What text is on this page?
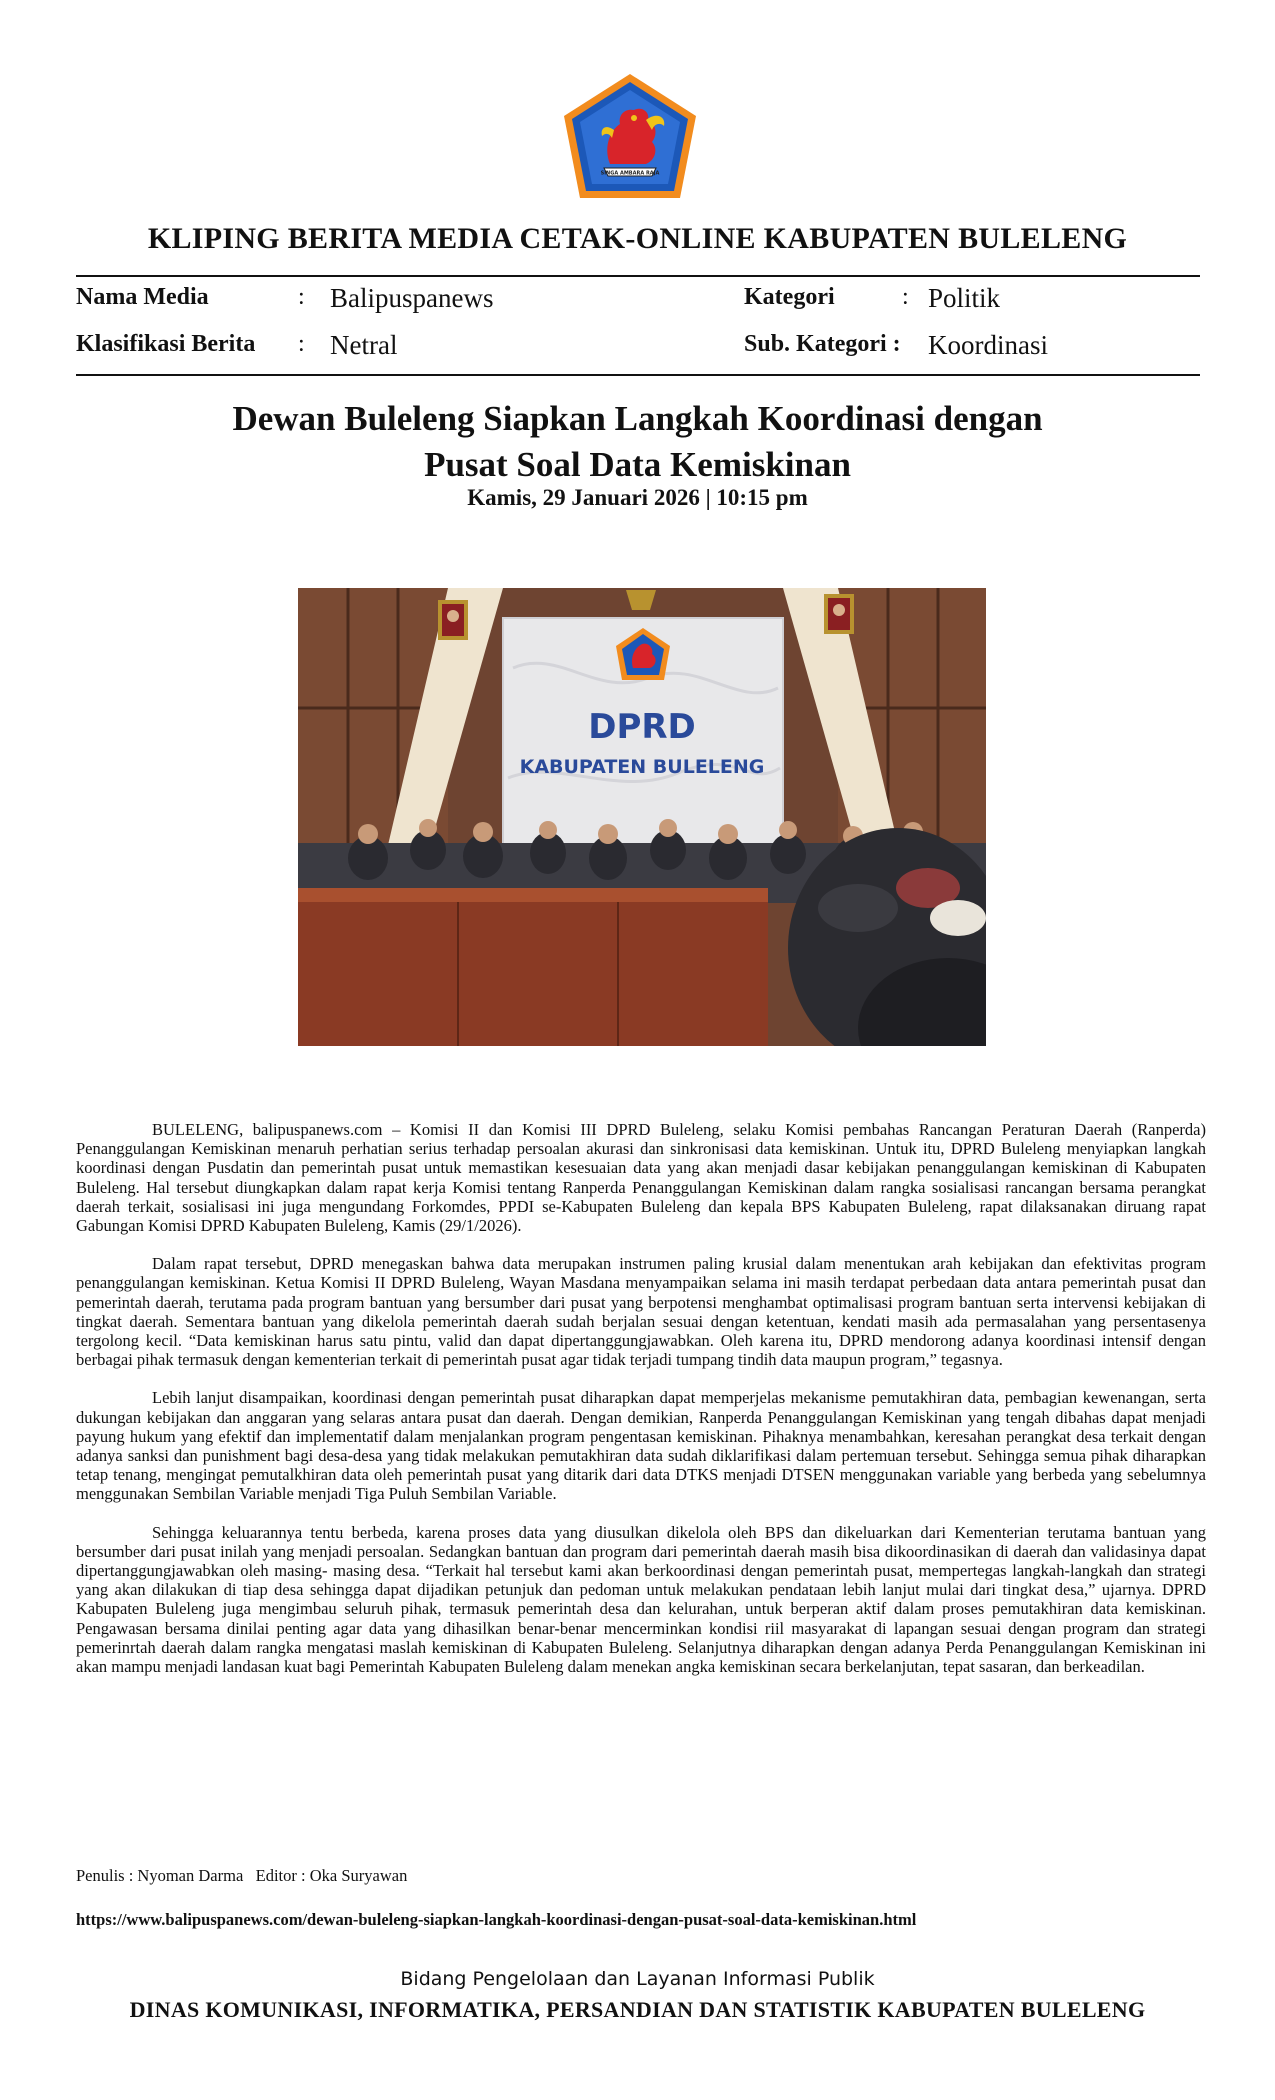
SINGA AMBARA RAJA
KLIPING BERITA MEDIA CETAK-ONLINE KABUPATEN BULELENG
Nama Media	: Balipuspanews	Kategori	: Politik
Klasifikasi Berita : Netral	Sub. Kategori : Koordinasi
Dewan Buleleng Siapkan Langkah Koordinasi dengan
Pusat Soal Data Kemiskinan
Kamis, 29 Januari 2026 | 10:15 pm
DPRD
KABUPATEN BULELENG

BULELENG, balipuspanews.com – Komisi II dan Komisi III DPRD Buleleng, selaku Komisi pembahas Rancangan Peraturan Daerah (Ranperda) Penanggulangan Kemiskinan menaruh perhatian serius terhadap persoalan akurasi dan sinkronisasi data kemiskinan. Untuk itu, DPRD Buleleng menyiapkan langkah koordinasi dengan Pusdatin dan pemerintah pusat untuk memastikan kesesuaian data yang akan menjadi dasar kebijakan penanggulangan kemiskinan di Kabupaten Buleleng. Hal tersebut diungkapkan dalam rapat kerja Komisi tentang Ranperda Penanggulangan Kemiskinan dalam rangka sosialisasi rancangan bersama perangkat daerah terkait, sosialisasi ini juga mengundang Forkomdes, PPDI se-Kabupaten Buleleng dan kepala BPS Kabupaten Buleleng, rapat dilaksanakan diruang rapat Gabungan Komisi DPRD Kabupaten Buleleng, Kamis (29/1/2026).

Dalam rapat tersebut, DPRD menegaskan bahwa data merupakan instrumen paling krusial dalam menentukan arah kebijakan dan efektivitas program penanggulangan kemiskinan. Ketua Komisi II DPRD Buleleng, Wayan Masdana menyampaikan selama ini masih terdapat perbedaan data antara pemerintah pusat dan pemerintah daerah, terutama pada program bantuan yang bersumber dari pusat yang berpotensi menghambat optimalisasi program bantuan serta intervensi kebijakan di tingkat daerah. Sementara bantuan yang dikelola pemerintah daerah sudah berjalan sesuai dengan ketentuan, kendati masih ada permasalahan yang persentasenya tergolong kecil. “Data kemiskinan harus satu pintu, valid dan dapat dipertanggungjawabkan. Oleh karena itu, DPRD mendorong adanya koordinasi intensif dengan berbagai pihak termasuk dengan kementerian terkait di pemerintah pusat agar tidak terjadi tumpang tindih data maupun program,” tegasnya.

Lebih lanjut disampaikan, koordinasi dengan pemerintah pusat diharapkan dapat memperjelas mekanisme pemutakhiran data, pembagian kewenangan, serta dukungan kebijakan dan anggaran yang selaras antara pusat dan daerah. Dengan demikian, Ranperda Penanggulangan Kemiskinan yang tengah dibahas dapat menjadi payung hukum yang efektif dan implementatif dalam menjalankan program pengentasan kemiskinan. Pihaknya menambahkan, keresahan perangkat desa terkait dengan adanya sanksi dan punishment bagi desa-desa yang tidak melakukan pemutakhiran data sudah diklarifikasi dalam pertemuan tersebut. Sehingga semua pihak diharapkan tetap tenang, mengingat pemutalkhiran data oleh pemerintah pusat yang ditarik dari data DTKS menjadi DTSEN menggunakan variable yang berbeda yang sebelumnya menggunakan Sembilan Variable menjadi Tiga Puluh Sembilan Variable.

Sehingga keluarannya tentu berbeda, karena proses data yang diusulkan dikelola oleh BPS dan dikeluarkan dari Kementerian terutama bantuan yang bersumber dari pusat inilah yang menjadi persoalan. Sedangkan bantuan dan program dari pemerintah daerah masih bisa dikoordinasikan di daerah dan validasinya dapat dipertanggungjawabkan oleh masing- masing desa. “Terkait hal tersebut kami akan berkoordinasi dengan pemerintah pusat, mempertegas langkah-langkah dan strategi yang akan dilakukan di tiap desa sehingga dapat dijadikan petunjuk dan pedoman untuk melakukan pendataan lebih lanjut mulai dari tingkat desa,” ujarnya. DPRD Kabupaten Buleleng juga mengimbau seluruh pihak, termasuk pemerintah desa dan kelurahan, untuk berperan aktif dalam proses pemutakhiran data kemiskinan. Pengawasan bersama dinilai penting agar data yang dihasilkan benar-benar mencerminkan kondisi riil masyarakat di lapangan sesuai dengan program dan strategi pemerinrtah daerah dalam rangka mengatasi maslah kemiskinan di Kabupaten Buleleng. Selanjutnya diharapkan dengan adanya Perda Penanggulangan Kemiskinan ini akan mampu menjadi landasan kuat bagi Pemerintah Kabupaten Buleleng dalam menekan angka kemiskinan secara berkelanjutan, tepat sasaran, dan berkeadilan.

Penulis : Nyoman Darma   Editor : Oka Suryawan
https://www.balipuspanews.com/dewan-buleleng-siapkan-langkah-koordinasi-dengan-pusat-soal-data-kemiskinan.html
Bidang Pengelolaan dan Layanan Informasi Publik
DINAS KOMUNIKASI, INFORMATIKA, PERSANDIAN DAN STATISTIK KABUPATEN BULELENG
